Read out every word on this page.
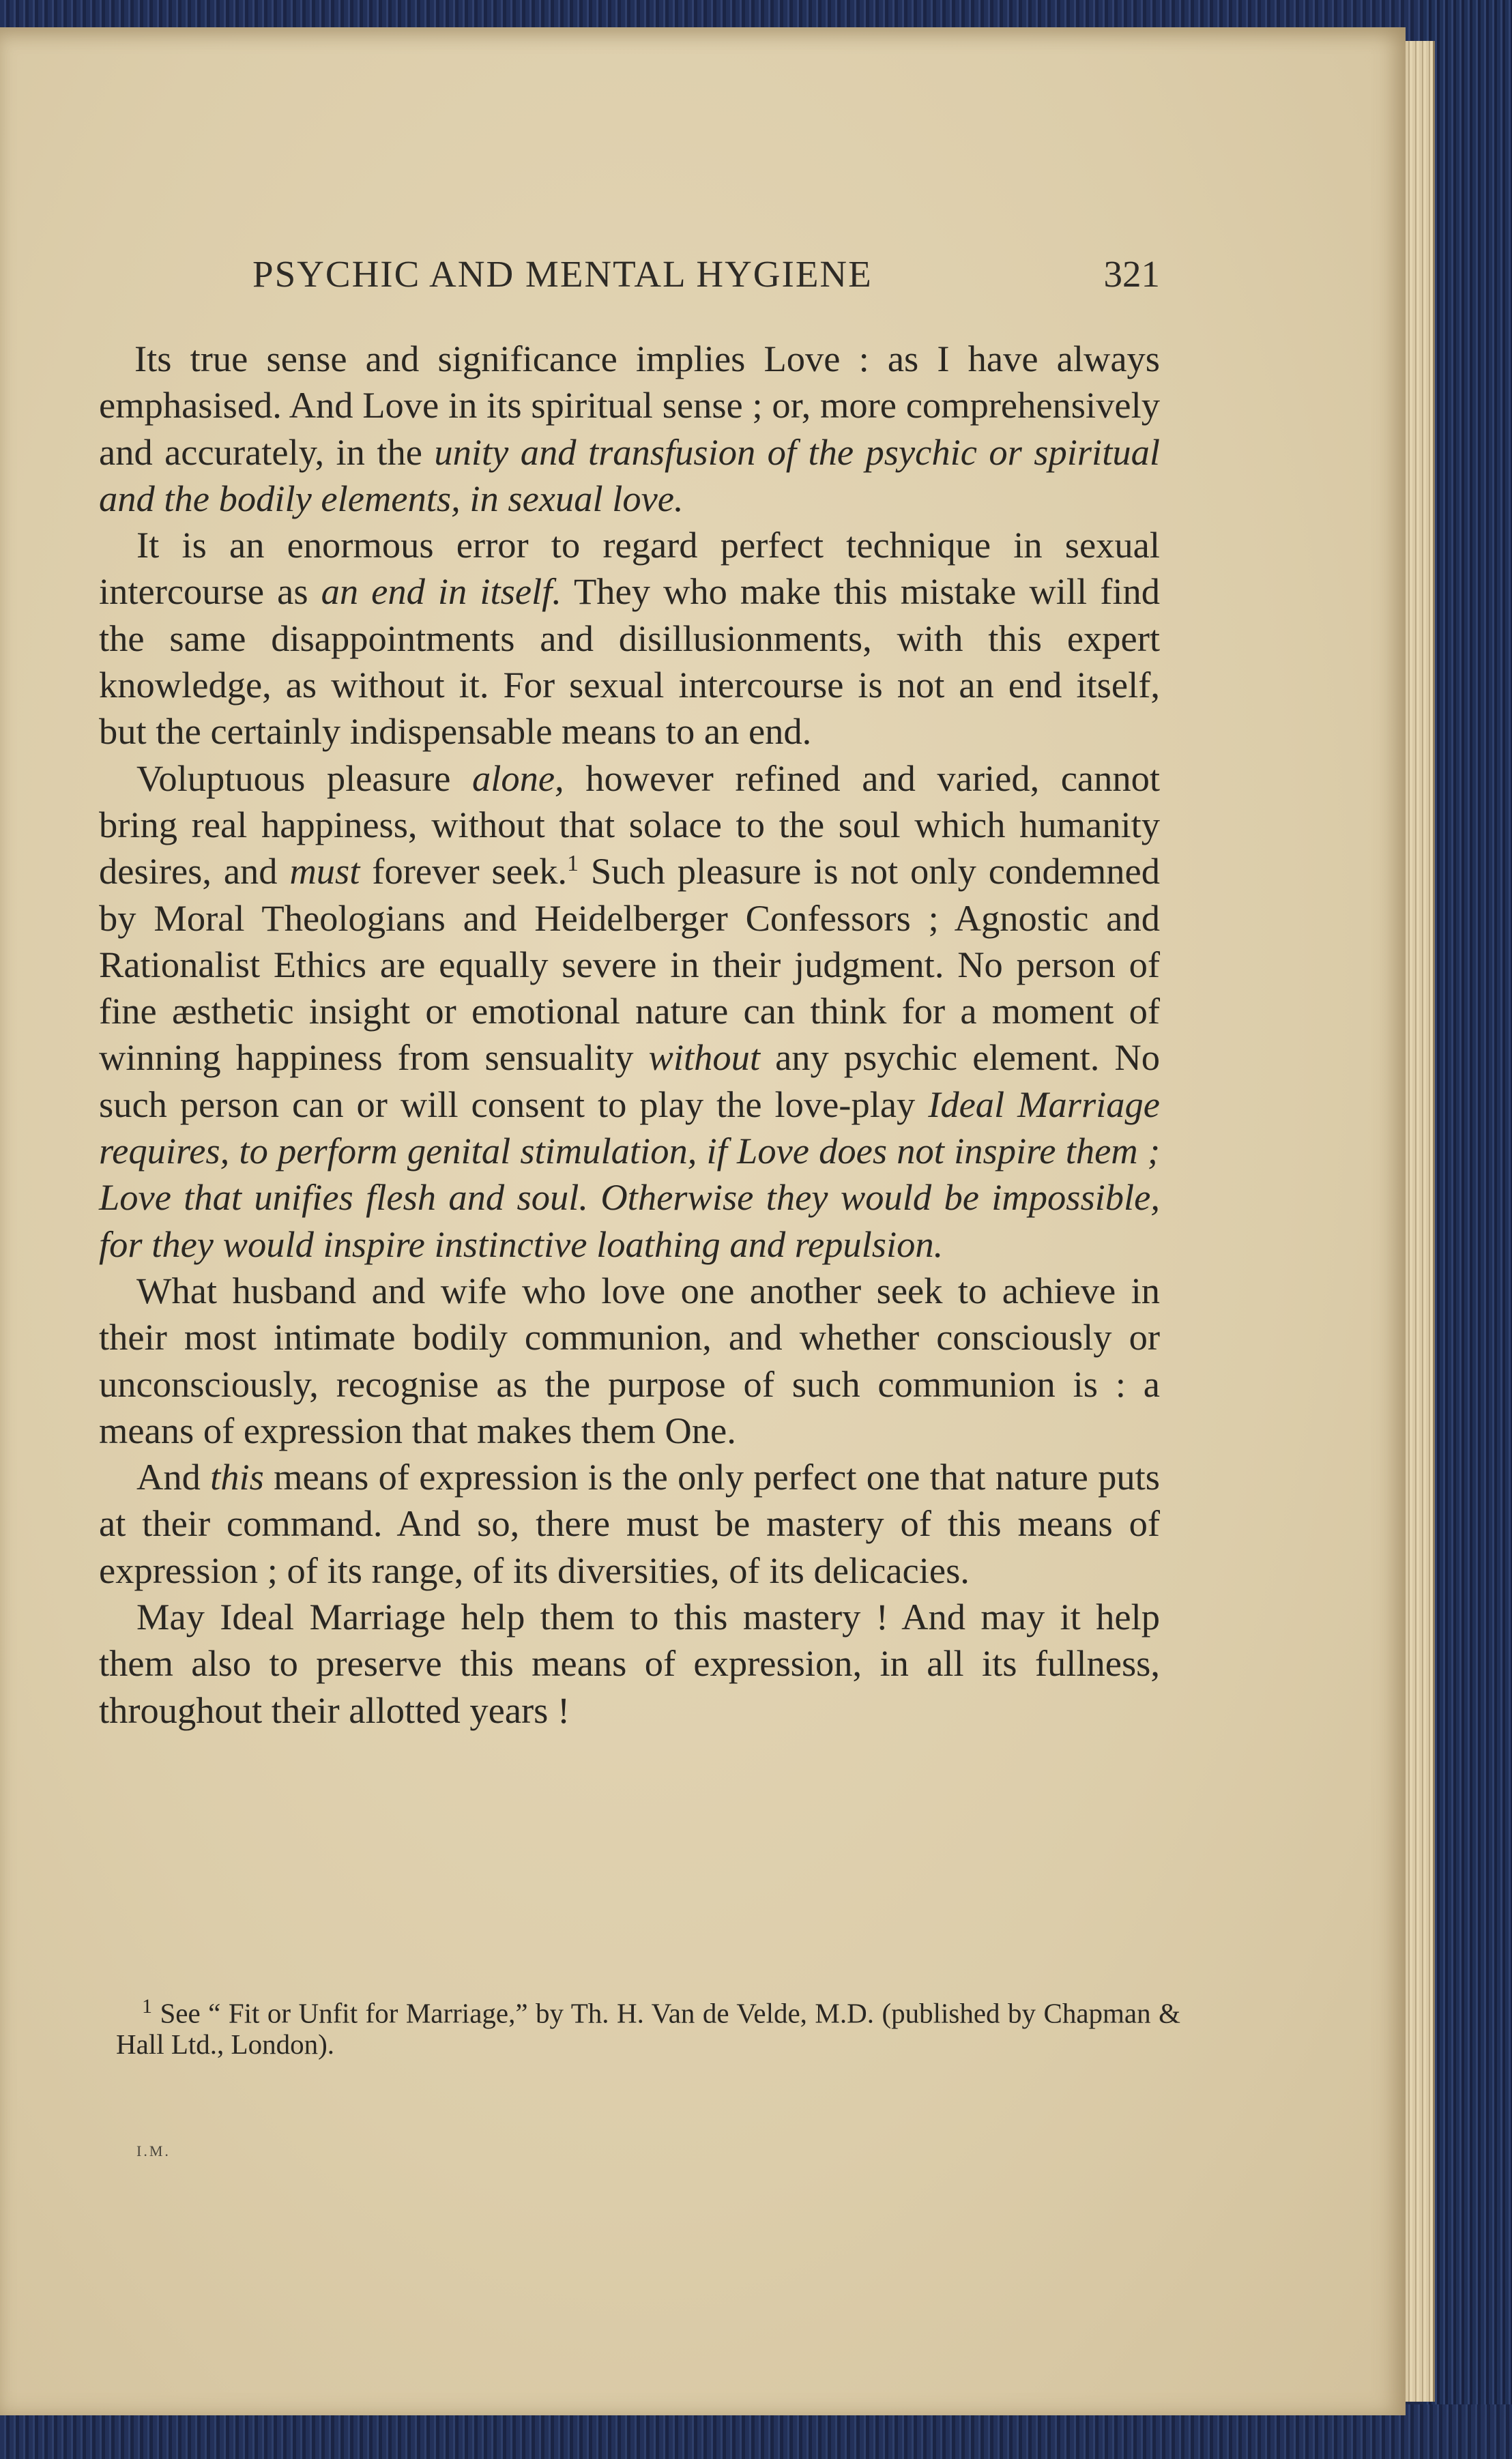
PSYCHIC AND MENTAL HYGIENE	321

Its true sense and significance implies Love : as I have always emphasised. And Love in its spiritual sense ; or, more comprehensively and accurately, in the unity and transfusion of the psychic or spiritual and the bodily elements, in sexual love.

It is an enormous error to regard perfect technique in sexual intercourse as an end in itself. They who make this mistake will find the same disappointments and disillusionments, with this expert knowledge, as without it. For sexual intercourse is not an end itself, but the certainly indispensable means to an end.

Voluptuous pleasure alone, however refined and varied, cannot bring real happiness, without that solace to the soul which humanity desires, and must forever seek.$^1$ Such pleasure is not only condemned by Moral Theologians and Heidelberger Confessors ; Agnostic and Rationalist Ethics are equally severe in their judgment. No person of fine æsthetic insight or emotional nature can think for a moment of winning happiness from sensuality without any psychic element. No such person can or will consent to play the love-play Ideal Marriage requires, to perform genital stimulation, if Love does not inspire them ; Love that unifies flesh and soul. Otherwise they would be impossible, for they would inspire instinctive loathing and repulsion.

What husband and wife who love one another seek to achieve in their most intimate bodily communion, and whether consciously or unconsciously, recognise as the purpose of such communion is : a means of expression that makes them One.

And this means of expression is the only perfect one that nature puts at their command. And so, there must be mastery of this means of expression ; of its range, of its diversities, of its delicacies.

May Ideal Marriage help them to this mastery ! And may it help them also to preserve this means of expression, in all its fullness, throughout their allotted years !

$^1$ See “ Fit or Unfit for Marriage,” by Th. H. Van de Velde, M.D. (published by Chapman & Hall Ltd., London).
I.M.
